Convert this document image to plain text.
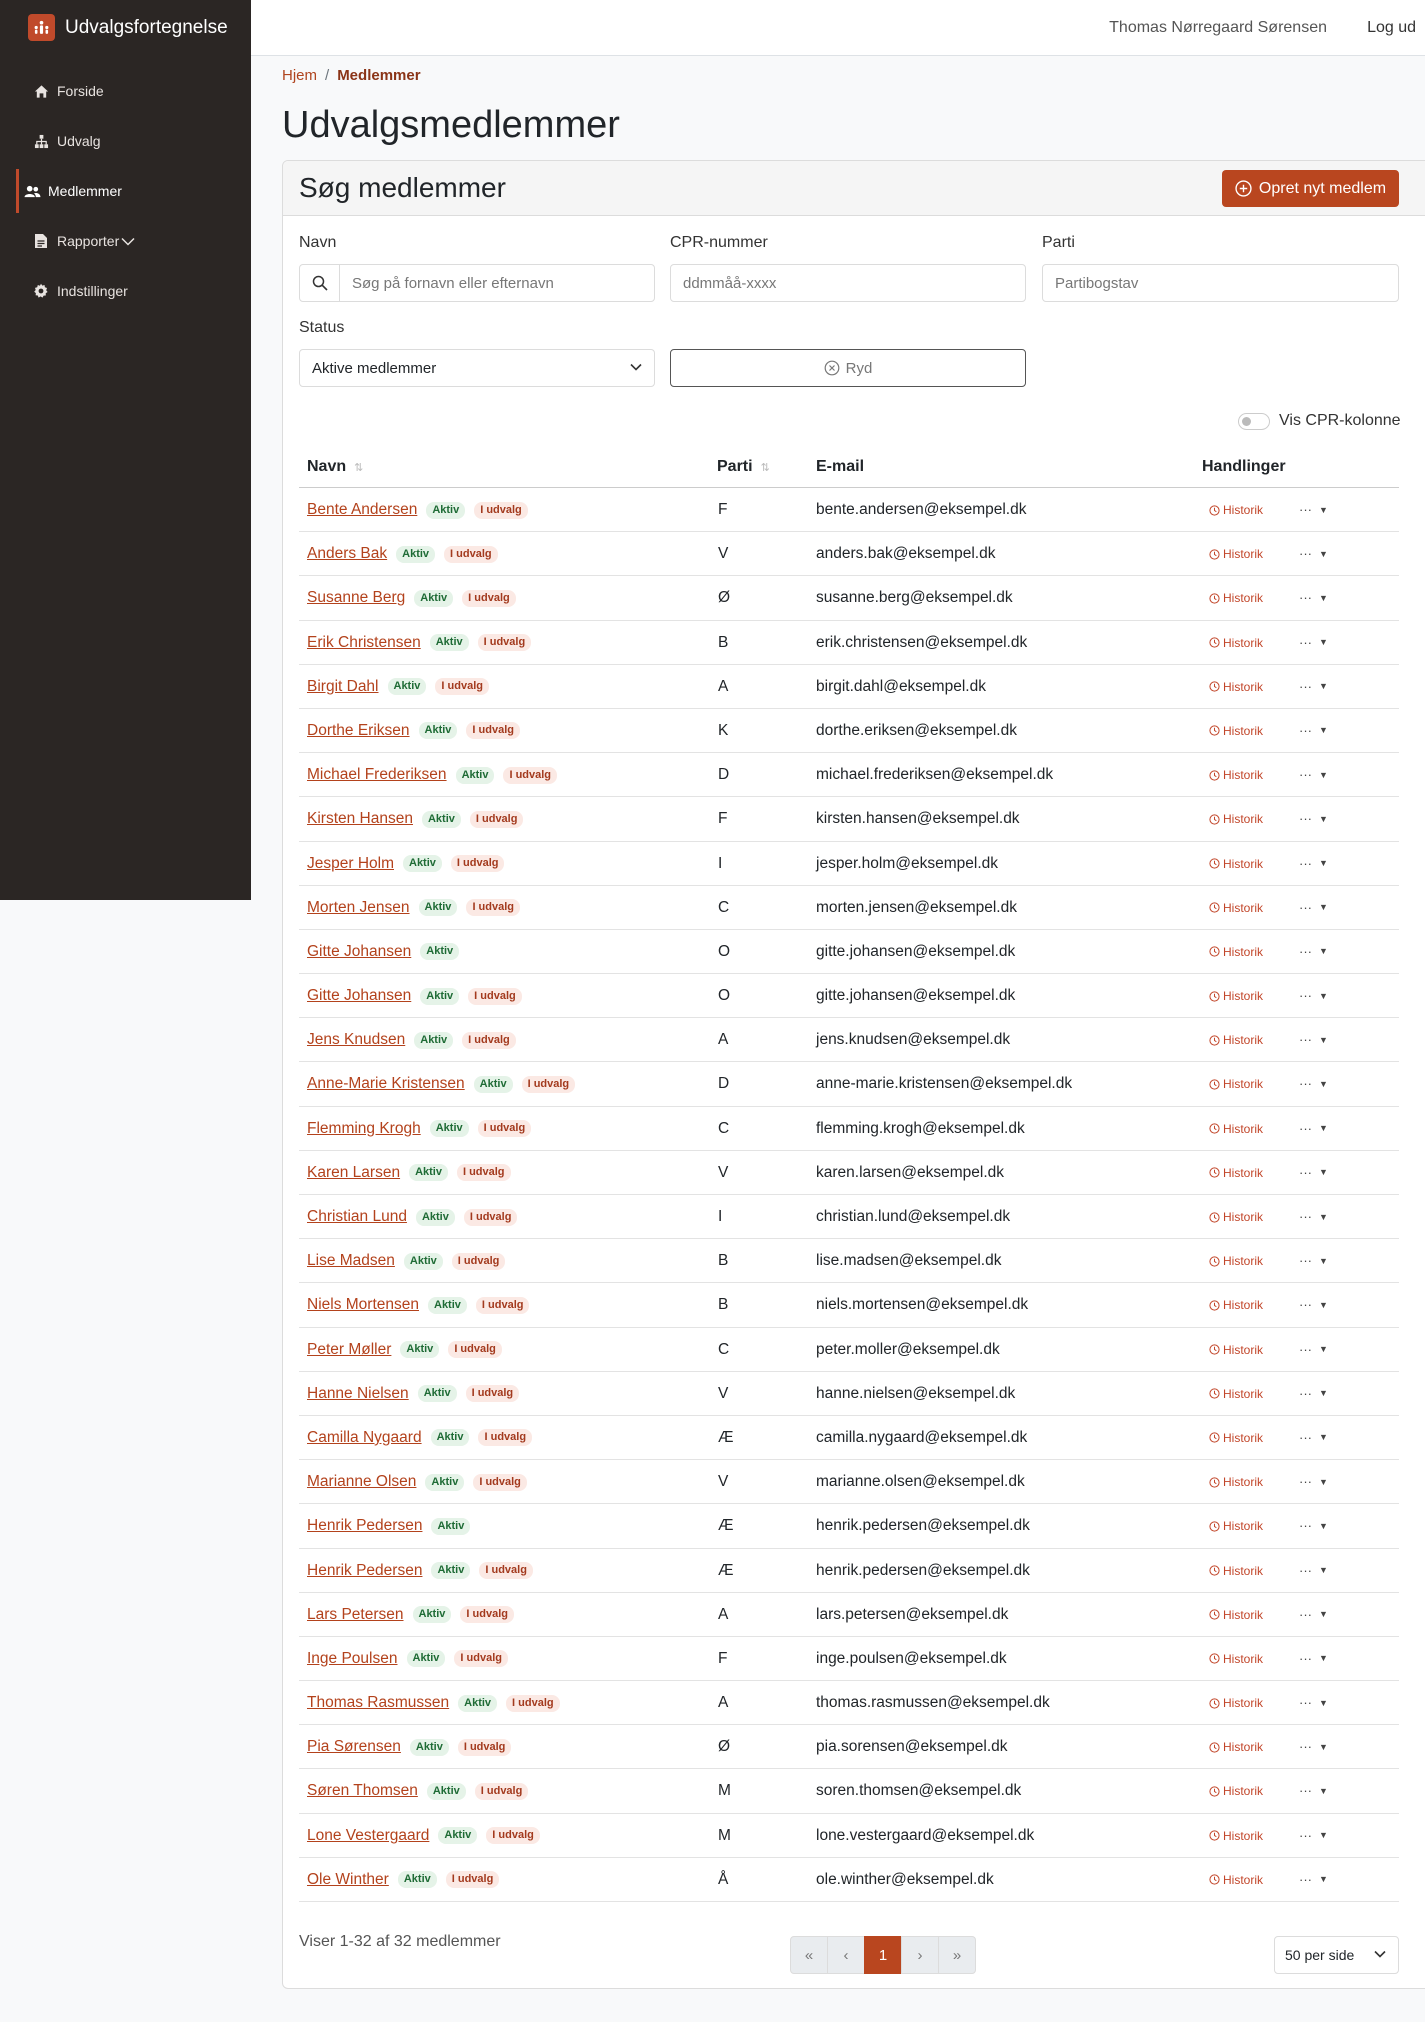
Udvalgsfortegnelse
Forside
Udvalg
Medlemmer
Rapporter
Indstillinger
Thomas Nørregaard Sørensen	Log ud
Hjem / Medlemmer
Udvalgsmedlemmer
Søg medlemmer	Opret nyt medlem
Navn
Søg på fornavn eller efternavn
CPR-nummer
ddmmåå-xxxx
Parti
Partibogstav
Status
Aktive medlemmer	Ryd
Vis CPR-kolonne
Navn ⇅	Parti ⇅	E-mail	Handlinger
Bente Andersen	Aktiv	I udvalg	F	bente.andersen@eksempel.dk	Historik	··· ▼
Anders Bak	Aktiv	I udvalg	V	anders.bak@eksempel.dk	Historik	··· ▼
Susanne Berg	Aktiv	I udvalg	Ø	susanne.berg@eksempel.dk	Historik	··· ▼
Erik Christensen	Aktiv	I udvalg	B	erik.christensen@eksempel.dk	Historik	··· ▼
Birgit Dahl	Aktiv	I udvalg	A	birgit.dahl@eksempel.dk	Historik	··· ▼
Dorthe Eriksen	Aktiv	I udvalg	K	dorthe.eriksen@eksempel.dk	Historik	··· ▼
Michael Frederiksen	Aktiv	I udvalg	D	michael.frederiksen@eksempel.dk	Historik	··· ▼
Kirsten Hansen	Aktiv	I udvalg	F	kirsten.hansen@eksempel.dk	Historik	··· ▼
Jesper Holm	Aktiv	I udvalg	I	jesper.holm@eksempel.dk	Historik	··· ▼
Morten Jensen	Aktiv	I udvalg	C	morten.jensen@eksempel.dk	Historik	··· ▼
Gitte Johansen	Aktiv	O	gitte.johansen@eksempel.dk	Historik	··· ▼
Gitte Johansen	Aktiv	I udvalg	O	gitte.johansen@eksempel.dk	Historik	··· ▼
Jens Knudsen	Aktiv	I udvalg	A	jens.knudsen@eksempel.dk	Historik	··· ▼
Anne-Marie Kristensen	Aktiv	I udvalg	D	anne-marie.kristensen@eksempel.dk	Historik	··· ▼
Flemming Krogh	Aktiv	I udvalg	C	flemming.krogh@eksempel.dk	Historik	··· ▼
Karen Larsen	Aktiv	I udvalg	V	karen.larsen@eksempel.dk	Historik	··· ▼
Christian Lund	Aktiv	I udvalg	I	christian.lund@eksempel.dk	Historik	··· ▼
Lise Madsen	Aktiv	I udvalg	B	lise.madsen@eksempel.dk	Historik	··· ▼
Niels Mortensen	Aktiv	I udvalg	B	niels.mortensen@eksempel.dk	Historik	··· ▼
Peter Møller	Aktiv	I udvalg	C	peter.moller@eksempel.dk	Historik	··· ▼
Hanne Nielsen	Aktiv	I udvalg	V	hanne.nielsen@eksempel.dk	Historik	··· ▼
Camilla Nygaard	Aktiv	I udvalg	Æ	camilla.nygaard@eksempel.dk	Historik	··· ▼
Marianne Olsen	Aktiv	I udvalg	V	marianne.olsen@eksempel.dk	Historik	··· ▼
Henrik Pedersen	Aktiv	Æ	henrik.pedersen@eksempel.dk	Historik	··· ▼
Henrik Pedersen	Aktiv	I udvalg	Æ	henrik.pedersen@eksempel.dk	Historik	··· ▼
Lars Petersen	Aktiv	I udvalg	A	lars.petersen@eksempel.dk	Historik	··· ▼
Inge Poulsen	Aktiv	I udvalg	F	inge.poulsen@eksempel.dk	Historik	··· ▼
Thomas Rasmussen	Aktiv	I udvalg	A	thomas.rasmussen@eksempel.dk	Historik	··· ▼
Pia Sørensen	Aktiv	I udvalg	Ø	pia.sorensen@eksempel.dk	Historik	··· ▼
Søren Thomsen	Aktiv	I udvalg	M	soren.thomsen@eksempel.dk	Historik	··· ▼
Lone Vestergaard	Aktiv	I udvalg	M	lone.vestergaard@eksempel.dk	Historik	··· ▼
Ole Winther	Aktiv	I udvalg	Å	ole.winther@eksempel.dk	Historik	··· ▼
Viser 1-32 af 32 medlemmer
«	‹	1	›	»	50 per side
